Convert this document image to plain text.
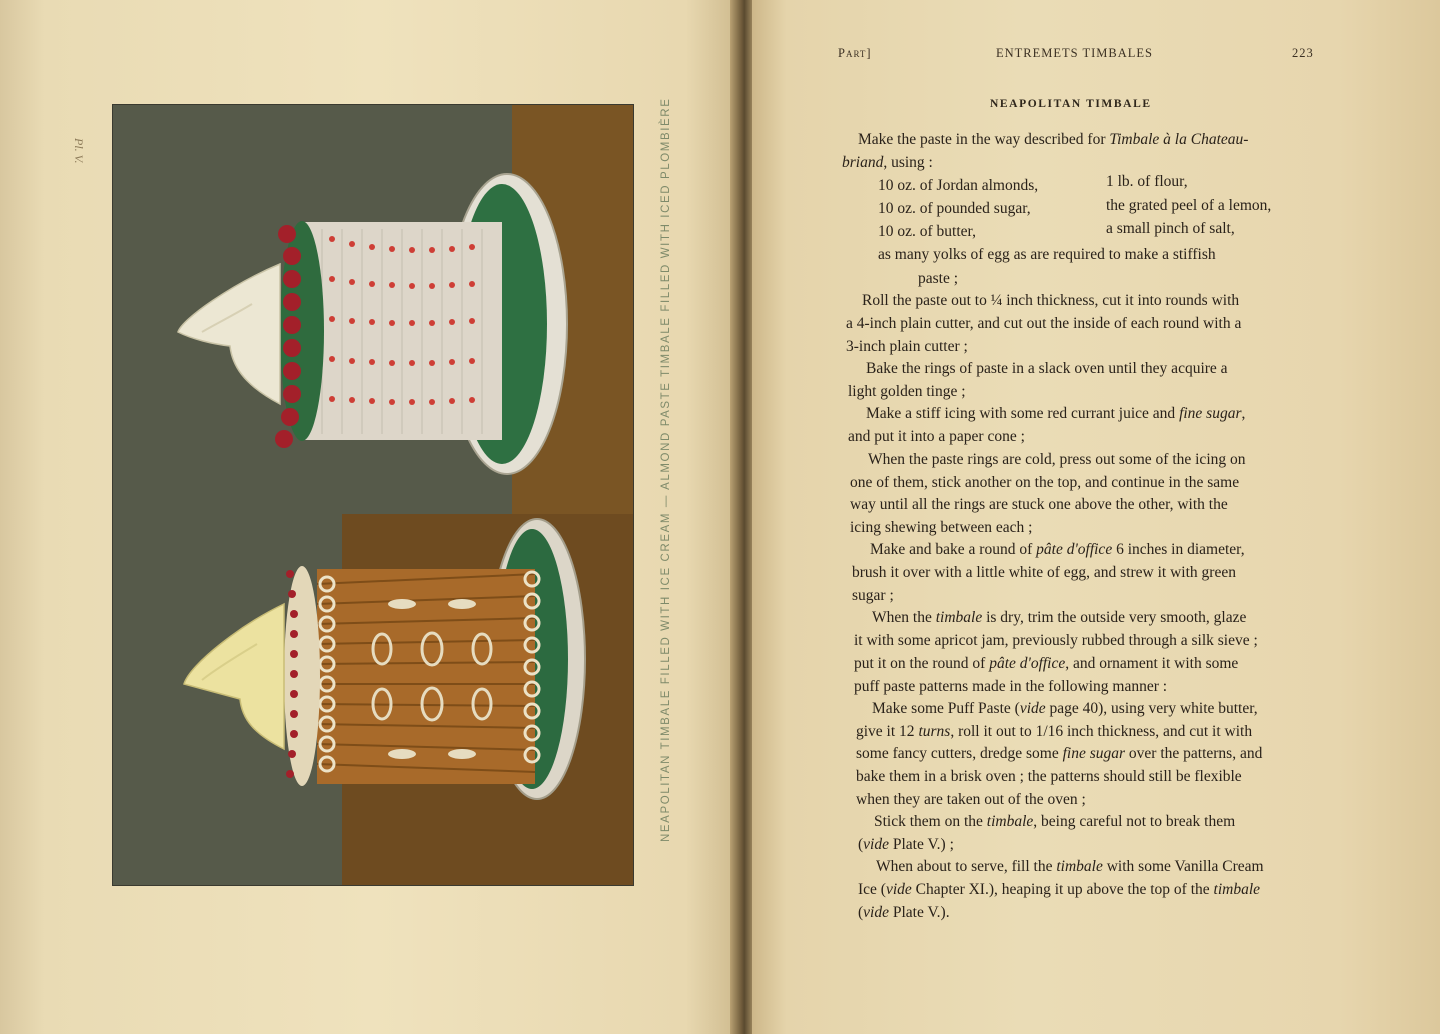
Pl. V.	NEAPOLITAN TIMBALE FILLED WITH ICE CREAM — ALMOND PASTE TIMBALE FILLED WITH ICED PLOMBIÈRE
Part]	ENTREMETS TIMBALES	223
NEAPOLITAN TIMBALE
Make the paste in the way described for Timbale à la Chateau-
briand, using :
10 oz. of Jordan almonds,	1 lb. of flour,
10 oz. of pounded sugar,	the grated peel of a lemon,
10 oz. of butter,	a small pinch of salt,
as many yolks of egg as are required to make a stiffish
paste ;
Roll the paste out to ¼ inch thickness, cut it into rounds with
a 4-inch plain cutter, and cut out the inside of each round with a
3-inch plain cutter ;
Bake the rings of paste in a slack oven until they acquire a
light golden tinge ;
Make a stiff icing with some red currant juice and fine sugar,
and put it into a paper cone ;
When the paste rings are cold, press out some of the icing on
one of them, stick another on the top, and continue in the same
way until all the rings are stuck one above the other, with the
icing shewing between each ;
Make and bake a round of pâte d'office 6 inches in diameter,
brush it over with a little white of egg, and strew it with green
sugar ;
When the timbale is dry, trim the outside very smooth, glaze
it with some apricot jam, previously rubbed through a silk sieve ;
put it on the round of pâte d'office, and ornament it with some
puff paste patterns made in the following manner :
Make some Puff Paste (vide page 40), using very white butter,
give it 12 turns, roll it out to 1/16 inch thickness, and cut it with
some fancy cutters, dredge some fine sugar over the patterns, and
bake them in a brisk oven ; the patterns should still be flexible
when they are taken out of the oven ;
Stick them on the timbale, being careful not to break them
(vide Plate V.) ;
When about to serve, fill the timbale with some Vanilla Cream
Ice (vide Chapter XI.), heaping it up above the top of the timbale
(vide Plate V.).
